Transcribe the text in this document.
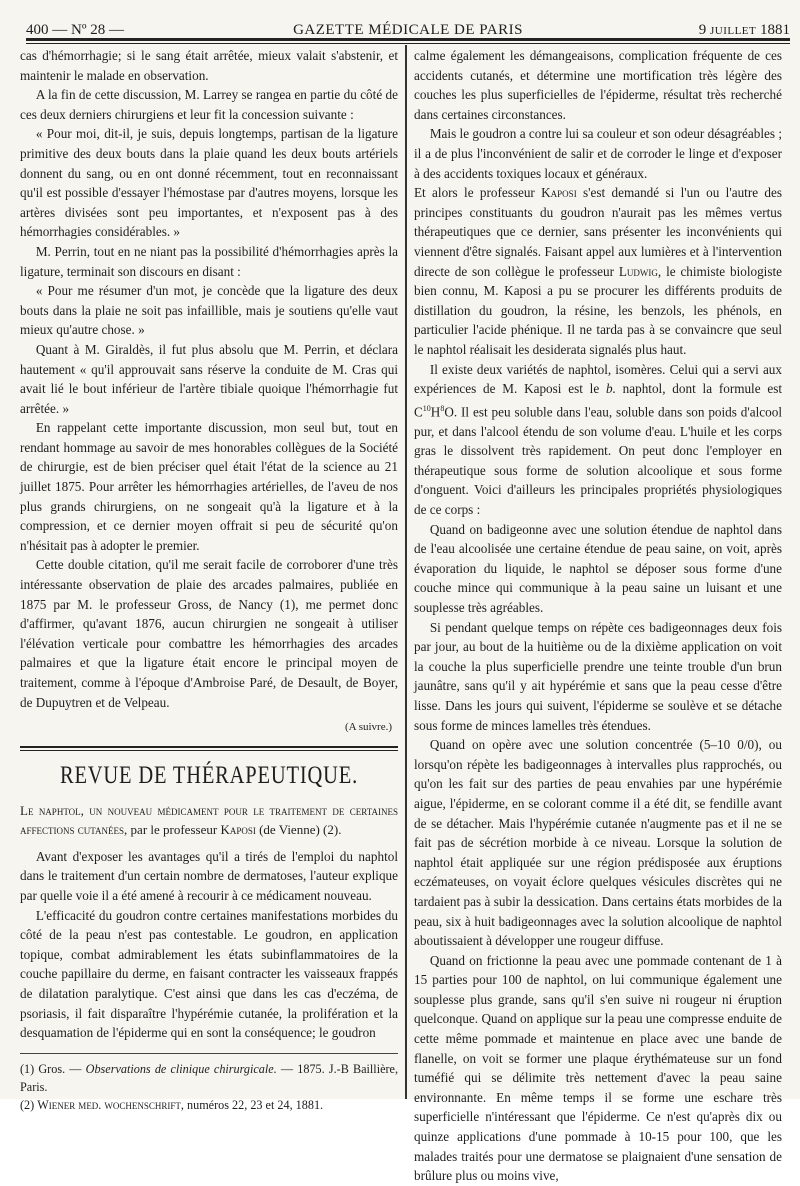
400 — Nº 28 —	GAZETTE MÉDICALE DE PARIS	9 JUILLET 1881

cas d'hémorrhagie; si le sang était arrêtée, mieux valait s'abstenir, et maintenir le malade en observation.

A la fin de cette discussion, M. Larrey se rangea en partie du côté de ces deux derniers chirurgiens et leur fit la concession suivante :

« Pour moi, dit-il, je suis, depuis longtemps, partisan de la ligature primitive des deux bouts dans la plaie quand les deux bouts artériels donnent du sang, ou en ont donné récemment, tout en reconnaissant qu'il est possible d'essayer l'hémostase par d'autres moyens, lorsque les artères divisées sont peu importantes, et n'exposent pas à des hémorrhagies considérables. »

M. Perrin, tout en ne niant pas la possibilité d'hémorrhagies après la ligature, terminait son discours en disant :

« Pour me résumer d'un mot, je concède que la ligature des deux bouts dans la plaie ne soit pas infaillible, mais je soutiens qu'elle vaut mieux qu'autre chose. »

Quant à M. Giraldès, il fut plus absolu que M. Perrin, et déclara hautement « qu'il approuvait sans réserve la conduite de M. Cras qui avait lié le bout inférieur de l'artère tibiale quoique l'hémorrhagie fut arrêtée. »

En rappelant cette importante discussion, mon seul but, tout en rendant hommage au savoir de mes honorables collègues de la Société de chirurgie, est de bien préciser quel était l'état de la science au 21 juillet 1875. Pour arrêter les hémorrhagies artérielles, de l'aveu de nos plus grands chirurgiens, on ne songeait qu'à la ligature et à la compression, et ce dernier moyen offrait si peu de sécurité qu'on n'hésitait pas à adopter le premier.

Cette double citation, qu'il me serait facile de corroborer d'une très intéressante observation de plaie des arcades palmaires, publiée en 1875 par M. le professeur Gross, de Nancy (1), me permet donc d'affirmer, qu'avant 1876, aucun chirurgien ne songeait à utiliser l'élévation verticale pour combattre les hémorrhagies des arcades palmaires et que la ligature était encore le principal moyen de traitement, comme à l'époque d'Ambroise Paré, de Desault, de Boyer, de Dupuytren et de Velpeau.

(A suivre.)

REVUE DE THÉRAPEUTIQUE.

Le naphtol, un nouveau médicament pour le traitement de certaines affections cutanées, par le professeur Kaposi (de Vienne) (2).

Avant d'exposer les avantages qu'il a tirés de l'emploi du naphtol dans le traitement d'un certain nombre de dermatoses, l'auteur explique par quelle voie il a été amené à recourir à ce médicament nouveau.

L'efficacité du goudron contre certaines manifestations morbides du côté de la peau n'est pas contestable. Le goudron, en application topique, combat admirablement les états subinflammatoires de la couche papillaire du derme, en faisant contracter les vaisseaux frappés de dilatation paralytique. C'est ainsi que dans les cas d'eczéma, de psoriasis, il fait disparaître l'hypérémie cutanée, la prolifération et la desquamation de l'épiderme qui en sont la conséquence; le goudron

(1) Gros. — Observations de clinique chirurgicale. — 1875. J.-B Baillière, Paris.

(2) Wiener med. wochenschrift, numéros 22, 23 et 24, 1881.

calme également les démangeaisons, complication fréquente de ces accidents cutanés, et détermine une mortification très légère des couches les plus superficielles de l'épiderme, résultat très recherché dans certaines circonstances.

Mais le goudron a contre lui sa couleur et son odeur désagréables ; il a de plus l'inconvénient de salir et de corroder le linge et d'exposer à des accidents toxiques locaux et généraux.

Et alors le professeur Kaposi s'est demandé si l'un ou l'autre des principes constituants du goudron n'aurait pas les mêmes vertus thérapeutiques que ce dernier, sans présenter les inconvénients qui viennent d'être signalés. Faisant appel aux lumières et à l'intervention directe de son collègue le professeur Ludwig, le chimiste biologiste bien connu, M. Kaposi a pu se procurer les différents produits de distillation du goudron, la résine, les benzols, les phénols, en particulier l'acide phénique. Il ne tarda pas à se convaincre que seul le naphtol réalisait les desiderata signalés plus haut.

Il existe deux variétés de naphtol, isomères. Celui qui a servi aux expériences de M. Kaposi est le b. naphtol, dont la formule est $C^{10}H^8O$. Il est peu soluble dans l'eau, soluble dans son poids d'alcool pur, et dans l'alcool étendu de son volume d'eau. L'huile et les corps gras le dissolvent très rapidement. On peut donc l'employer en thérapeutique sous forme de solution alcoolique et sous forme d'onguent. Voici d'ailleurs les principales propriétés physiologiques de ce corps :

Quand on badigeonne avec une solution étendue de naphtol dans de l'eau alcoolisée une certaine étendue de peau saine, on voit, après évaporation du liquide, le naphtol se déposer sous forme d'une couche mince qui communique à la peau saine un luisant et une souplesse très agréables.

Si pendant quelque temps on répète ces badigeonnages deux fois par jour, au bout de la huitième ou de la dixième application on voit la couche la plus superficielle prendre une teinte trouble d'un brun jaunâtre, sans qu'il y ait hypérémie et sans que la peau cesse d'être lisse. Dans les jours qui suivent, l'épiderme se soulève et se détache sous forme de minces lamelles très étendues.

Quand on opère avec une solution concentrée (5–10 0/0), ou lorsqu'on répète les badigeonnages à intervalles plus rapprochés, ou qu'on les fait sur des parties de peau envahies par une hypérémie aigue, l'épiderme, en se colorant comme il a été dit, se fendille avant de se détacher. Mais l'hypérémie cutanée n'augmente pas et il ne se fait pas de sécrétion morbide à ce niveau. Lorsque la solution de naphtol était appliquée sur une région prédisposée aux éruptions eczémateuses, on voyait éclore quelques vésicules discrètes qui ne tardaient pas à subir la dessication. Dans certains états morbides de la peau, six à huit badigeonnages avec la solution alcoolique de naphtol aboutissaient à développer une rougeur diffuse.

Quand on frictionne la peau avec une pommade contenant de 1 à 15 parties pour 100 de naphtol, on lui communique également une souplesse plus grande, sans qu'il s'en suive ni rougeur ni éruption quelconque. Quand on applique sur la peau une compresse enduite de cette même pommade et maintenue en place avec une bande de flanelle, on voit se former une plaque érythémateuse sur un fond tuméfié qui se délimite très nettement d'avec la peau saine environnante. En même temps il se forme une eschare très superficielle n'intéressant que l'épiderme. Ce n'est qu'après dix ou quinze applications d'une pommade à 10-15 pour 100, que les malades traités pour une dermatose se plaignaient d'une sensation de brûlure plus ou moins vive,
